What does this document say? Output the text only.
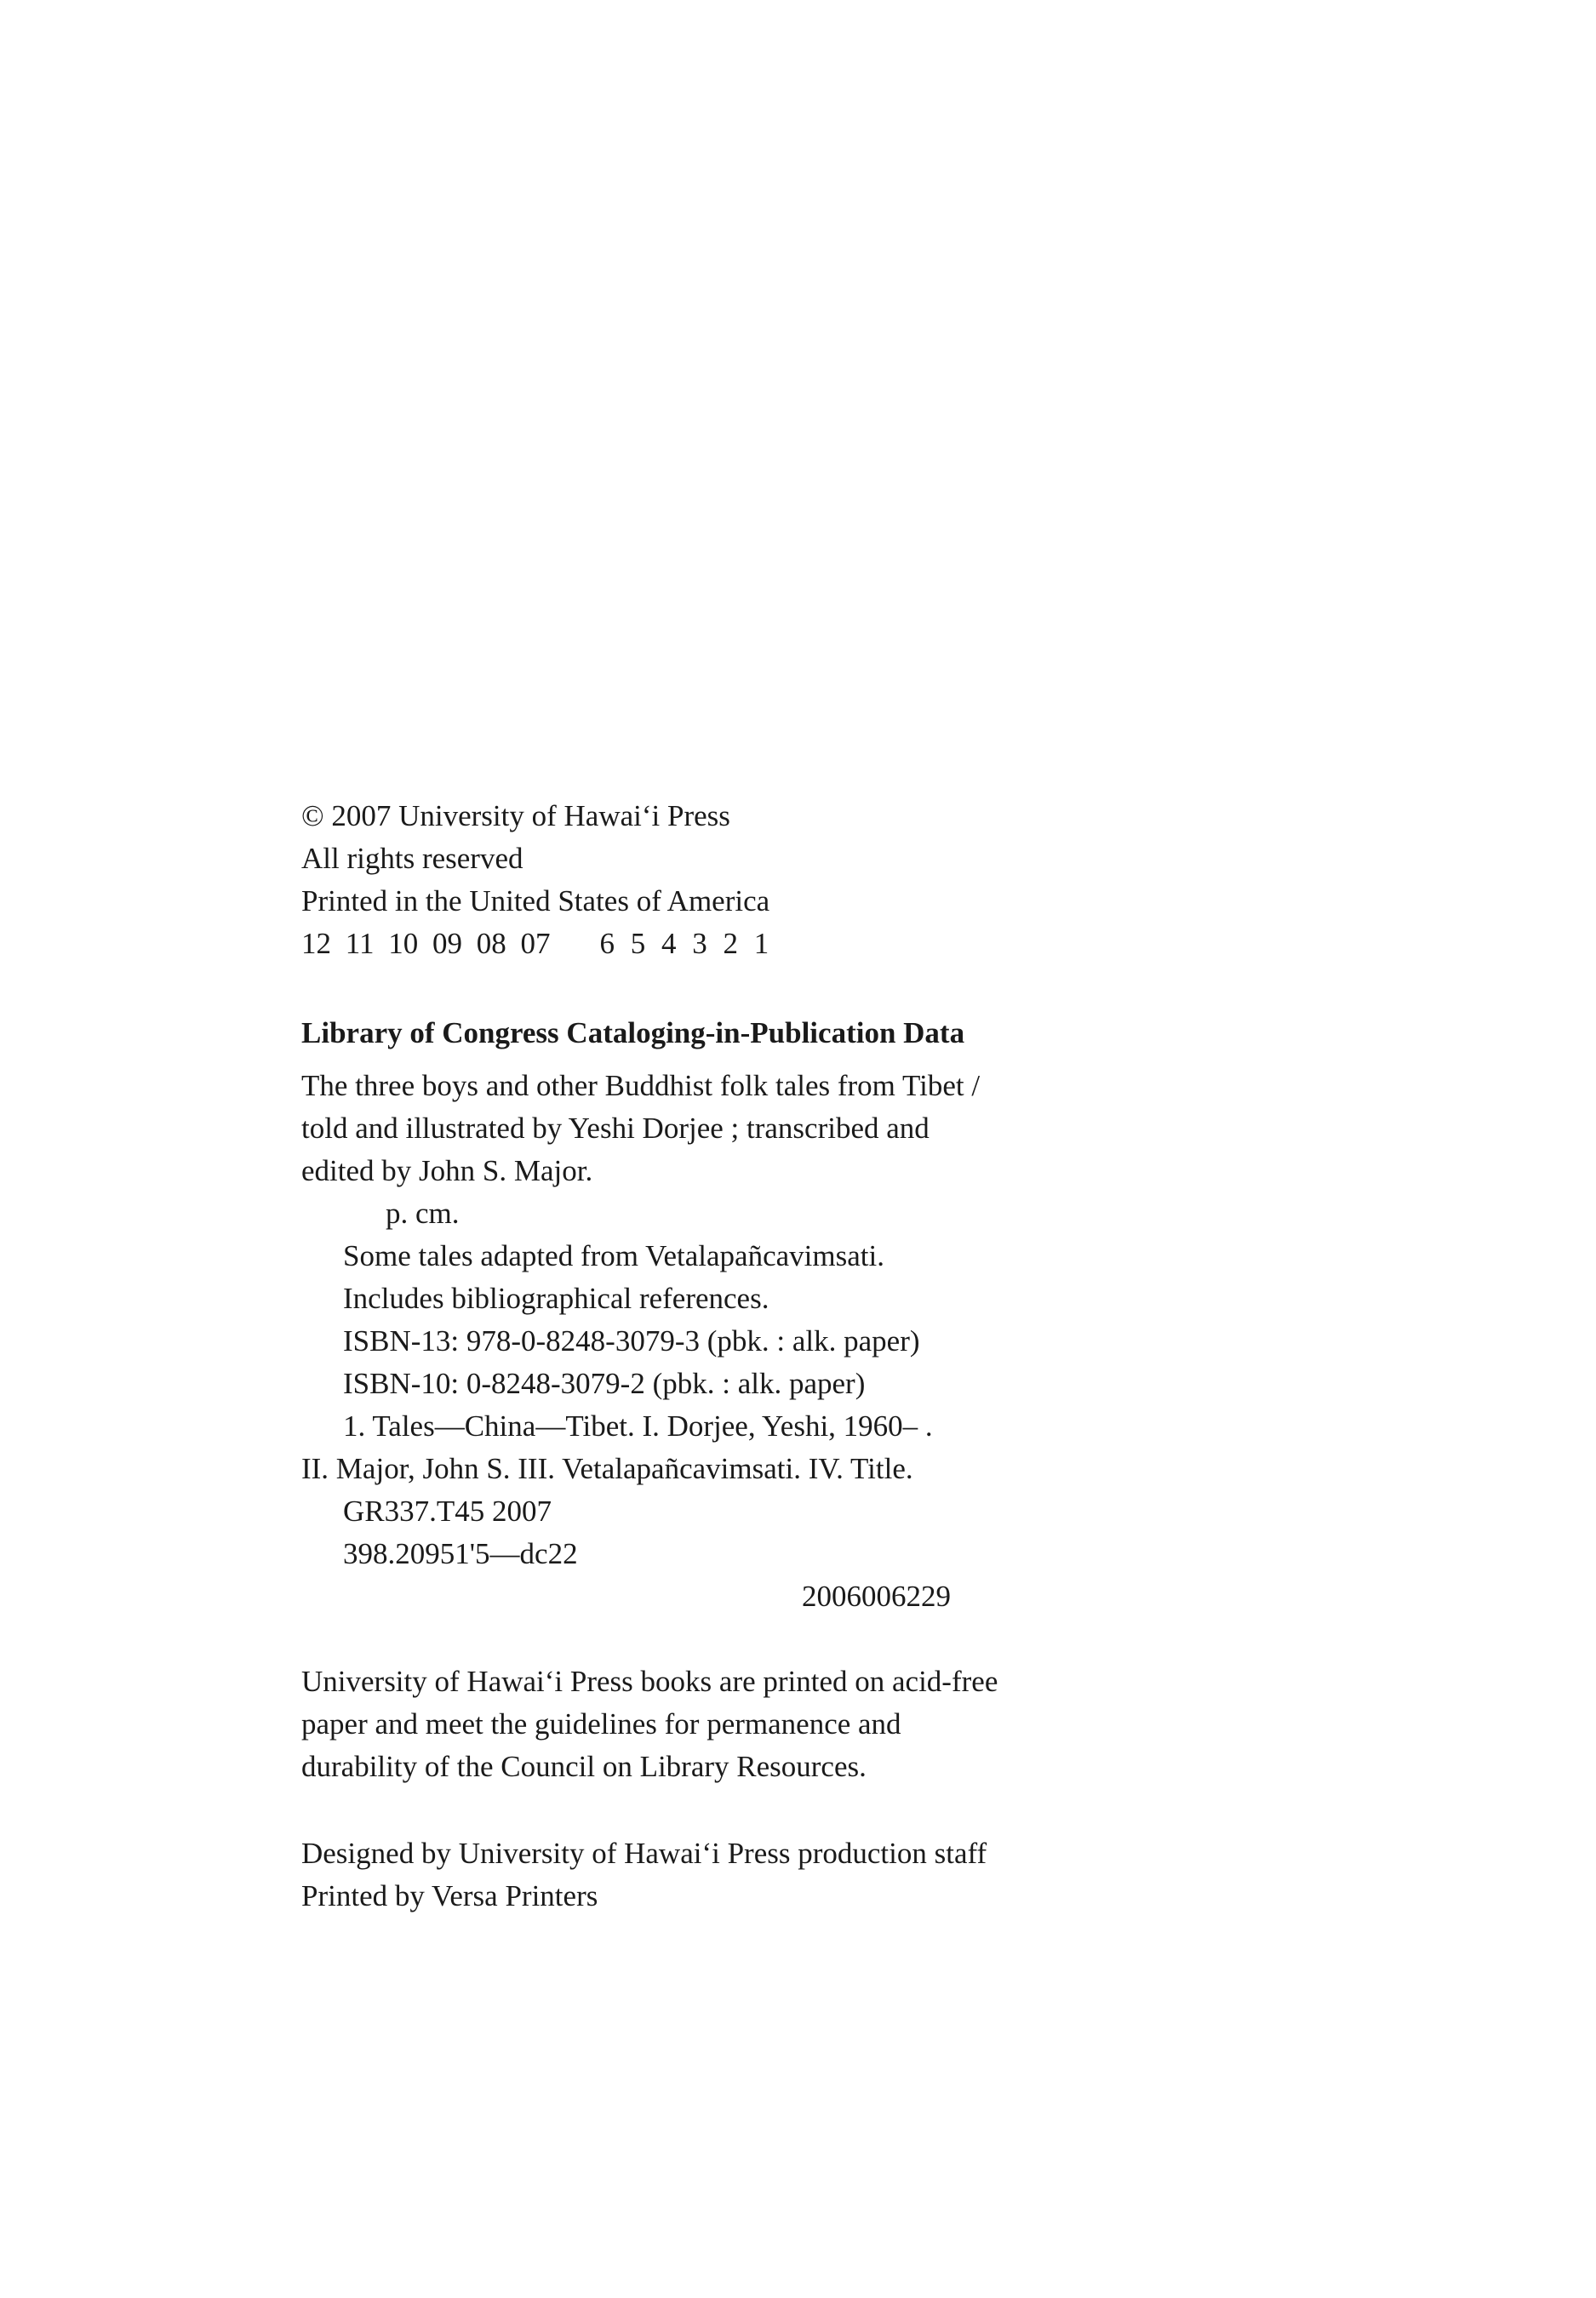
© 2007 University of Hawai‘i Press
All rights reserved
Printed in the United States of America
12 11 10 09 08 07 6 5 4 3 2 1
Library of Congress Cataloging-in-Publication Data
The three boys and other Buddhist folk tales from Tibet /
told and illustrated by Yeshi Dorjee ; transcribed and
edited by John S. Major.
p. cm.
Some tales adapted from Vetalapañcavimsati.
Includes bibliographical references.
ISBN-13: 978-0-8248-3079-3 (pbk. : alk. paper)
ISBN-10: 0-8248-3079-2 (pbk. : alk. paper)
1. Tales—China—Tibet. I. Dorjee, Yeshi, 1960– .
II. Major, John S. III. Vetalapañcavimsati. IV. Title.
GR337.T45 2007
398.20951'5—dc22
2006006229
University of Hawai‘i Press books are printed on acid-free
paper and meet the guidelines for permanence and
durability of the Council on Library Resources.
Designed by University of Hawai‘i Press production staff
Printed by Versa Printers
